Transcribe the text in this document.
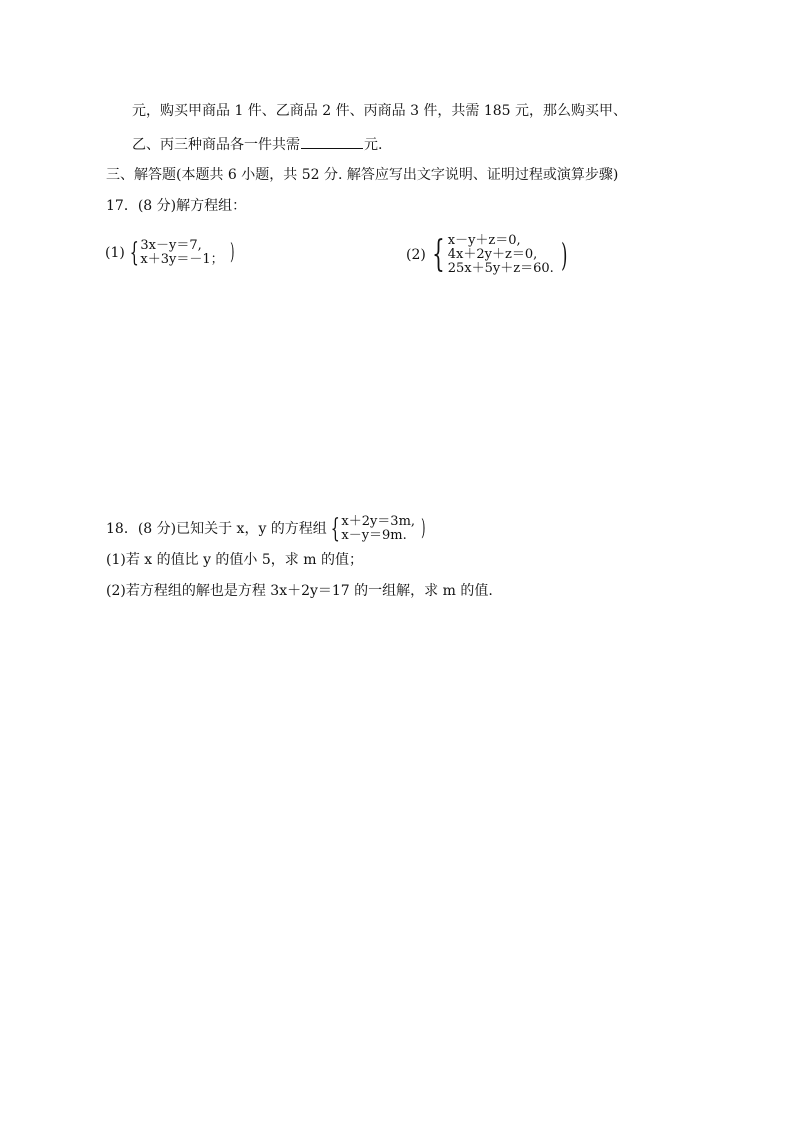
元，购买甲商品 1 件、乙商品 2 件、丙商品 3 件，共需 185 元，那么购买甲、
乙、丙三种商品各一件共需	元.
三、解答题(本题共 6 小题，共 52 分. 解答应写出文字说明、证明过程或演算步骤)
17．(8 分)解方程组：
(1) { 3x－y＝7,
x＋3y＝－1； )	(2) { x－y＋z＝0,
4x＋2y＋z＝0,
25x＋5y＋z＝60. )
18．(8 分)已知关于 x，y 的方程组 { x＋2y＝3m,
x－y＝9m. )
(1)若 x 的值比 y 的值小 5，求 m 的值；
(2)若方程组的解也是方程 3x＋2y＝17 的一组解，求 m 的值.
